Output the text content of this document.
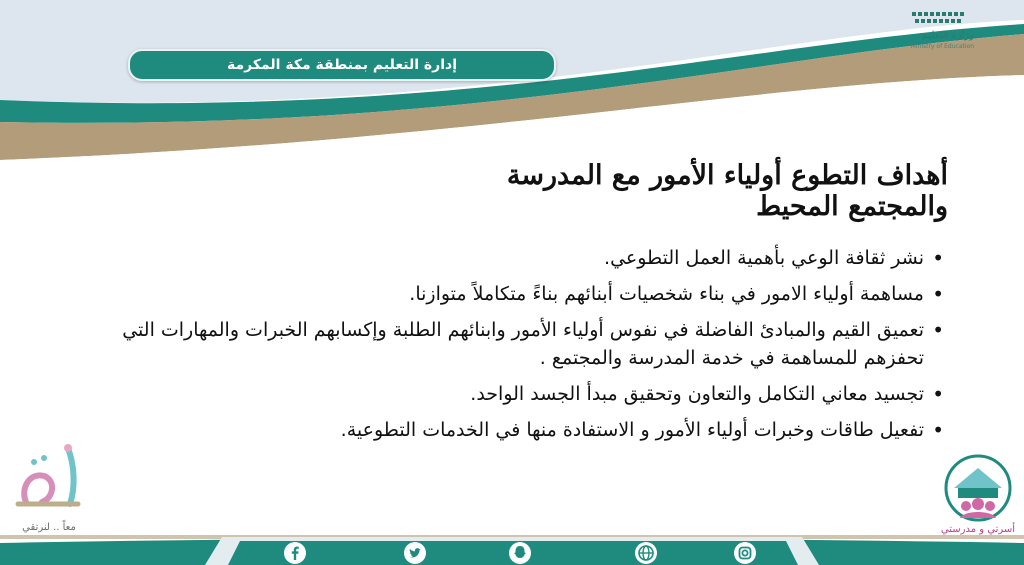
إدارة التعليم بمنطقة مكة المكرمة
وزارة التعليم
Ministry of Education
أهداف التطوع أولياء الأمور مع المدرسة والمجتمع المحيط
• نشر ثقافة الوعي بأهمية العمل التطوعي.
• مساهمة أولياء الامور في بناء شخصيات أبنائهم بناءً متكاملاً متوازنا.
• تعميق القيم والمبادئ الفاضلة في نفوس أولياء الأمور وابنائهم الطلبة وإكسابهم الخبرات والمهارات التي تحفزهم للمساهمة في خدمة المدرسة والمجتمع .
• تجسيد معاني التكامل والتعاون وتحقيق مبدأ الجسد الواحد.
• تفعيل طاقات وخبرات أولياء الأمور و الاستفادة منها في الخدمات التطوعية.
معاً .. لنرتقي	أسرتي و مدرستي
